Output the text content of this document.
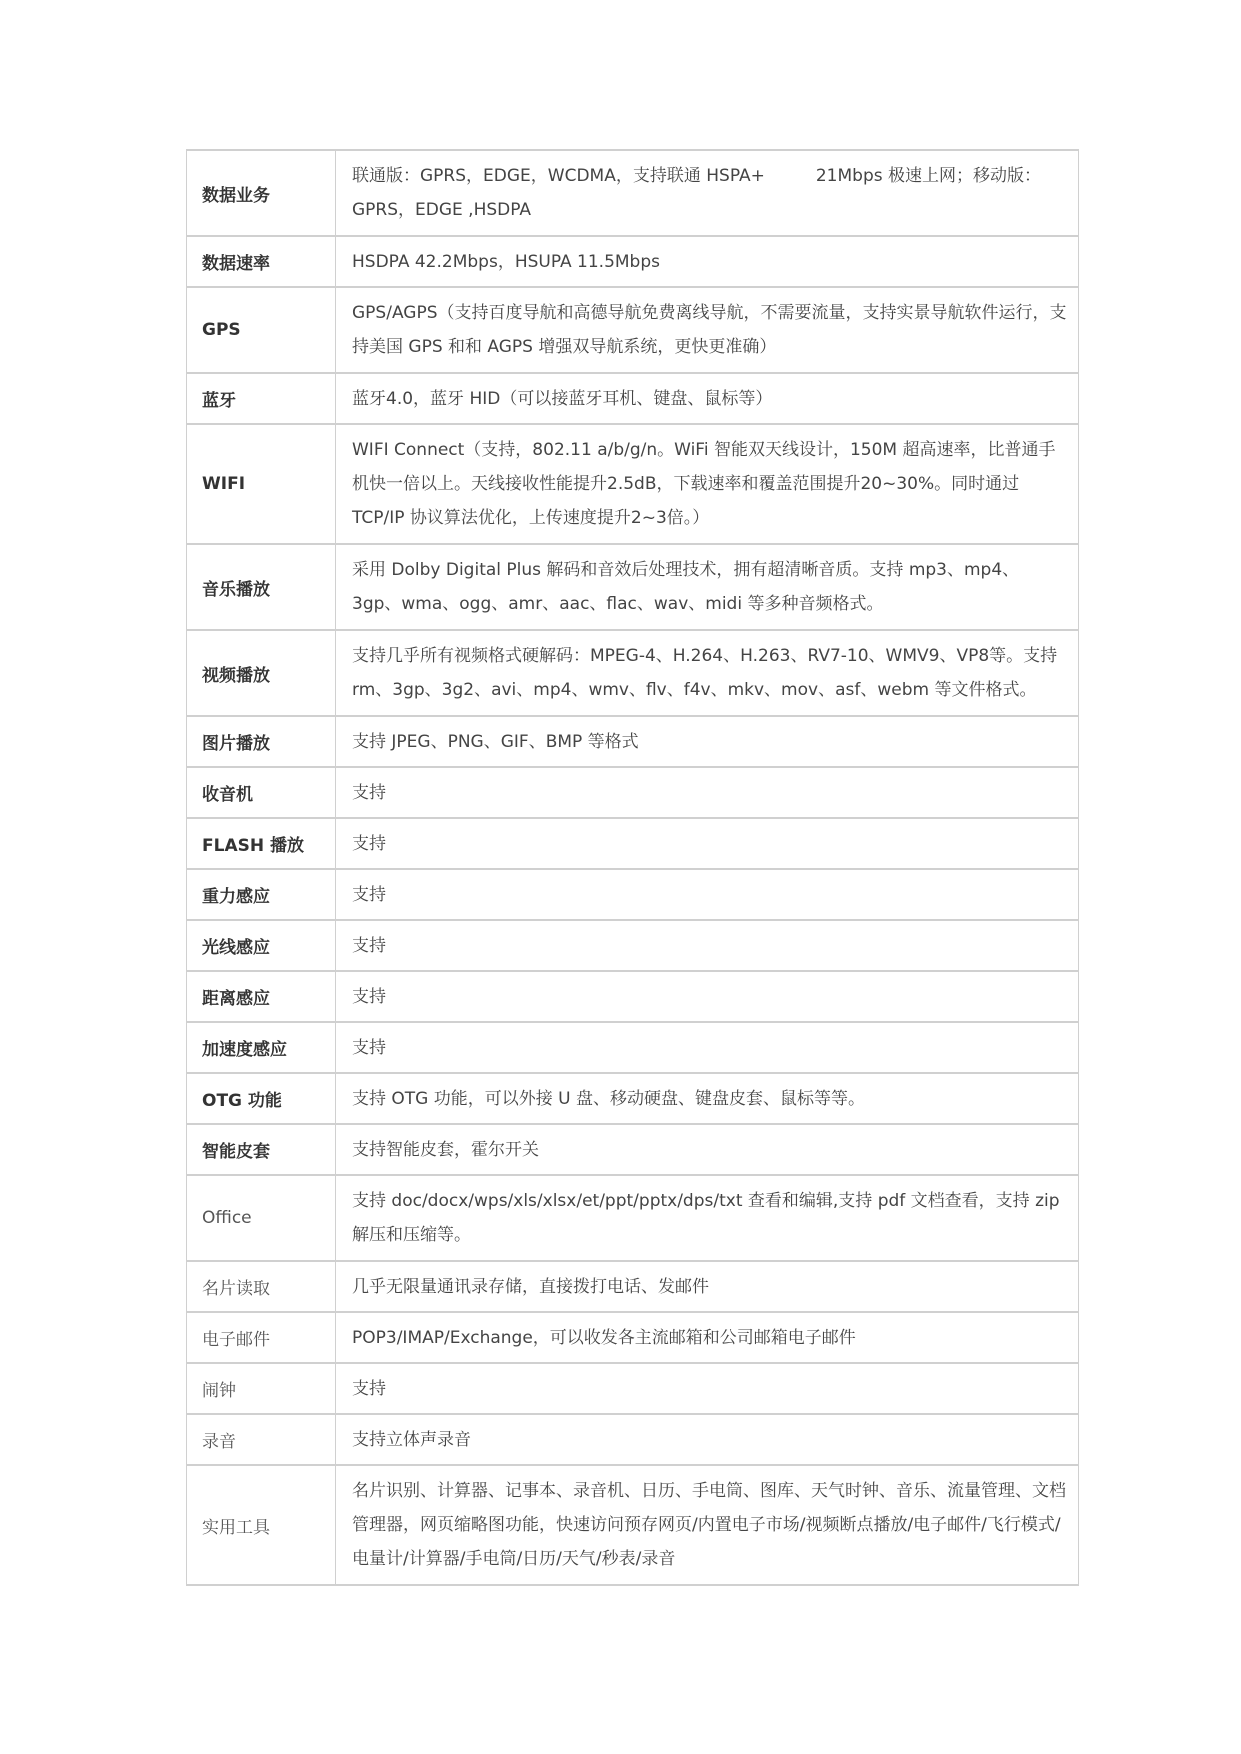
数据业务	联通版：GPRS，EDGE，WCDMA，支持联通 HSPA+　　　21Mbps 极速上网；移动版：GPRS，EDGE ,HSDPA
数据速率	HSDPA 42.2Mbps，HSUPA 11.5Mbps
GPS	GPS/AGPS（支持百度导航和高德导航免费离线导航，不需要流量，支持实景导航软件运行，支持美国 GPS 和和 AGPS 增强双导航系统，更快更准确）
蓝牙	蓝牙4.0，蓝牙 HID（可以接蓝牙耳机、键盘、鼠标等）
WIFI	WIFI Connect（支持，802.11 a/b/g/n。WiFi 智能双天线设计，150M 超高速率，比普通手机快一倍以上。天线接收性能提升2.5dB，下载速率和覆盖范围提升20~30%。同时通过TCP/IP 协议算法优化，上传速度提升2~3倍。）
音乐播放	采用 Dolby Digital Plus 解码和音效后处理技术，拥有超清晰音质。支持 mp3、mp4、3gp、wma、ogg、amr、aac、flac、wav、midi 等多种音频格式。
视频播放	支持几乎所有视频格式硬解码：MPEG-4、H.264、H.263、RV7-10、WMV9、VP8等。支持 rm、3gp、3g2、avi、mp4、wmv、flv、f4v、mkv、mov、asf、webm 等文件格式。
图片播放	支持 JPEG、PNG、GIF、BMP 等格式
收音机	支持
FLASH 播放	支持
重力感应	支持
光线感应	支持
距离感应	支持
加速度感应	支持
OTG 功能	支持 OTG 功能，可以外接 U 盘、移动硬盘、键盘皮套、鼠标等等。
智能皮套	支持智能皮套，霍尔开关
Office	支持 doc/docx/wps/xls/xlsx/et/ppt/pptx/dps/txt 查看和编辑,支持 pdf 文档查看，支持 zip 解压和压缩等。
名片读取	几乎无限量通讯录存储，直接拨打电话、发邮件
电子邮件	POP3/IMAP/Exchange，可以收发各主流邮箱和公司邮箱电子邮件
闹钟	支持
录音	支持立体声录音
实用工具	名片识别、计算器、记事本、录音机、日历、手电筒、图库、天气时钟、音乐、流量管理、文档管理器，网页缩略图功能，快速访问预存网页/内置电子市场/视频断点播放/电子邮件/飞行模式/电量计/计算器/手电筒/日历/天气/秒表/录音
